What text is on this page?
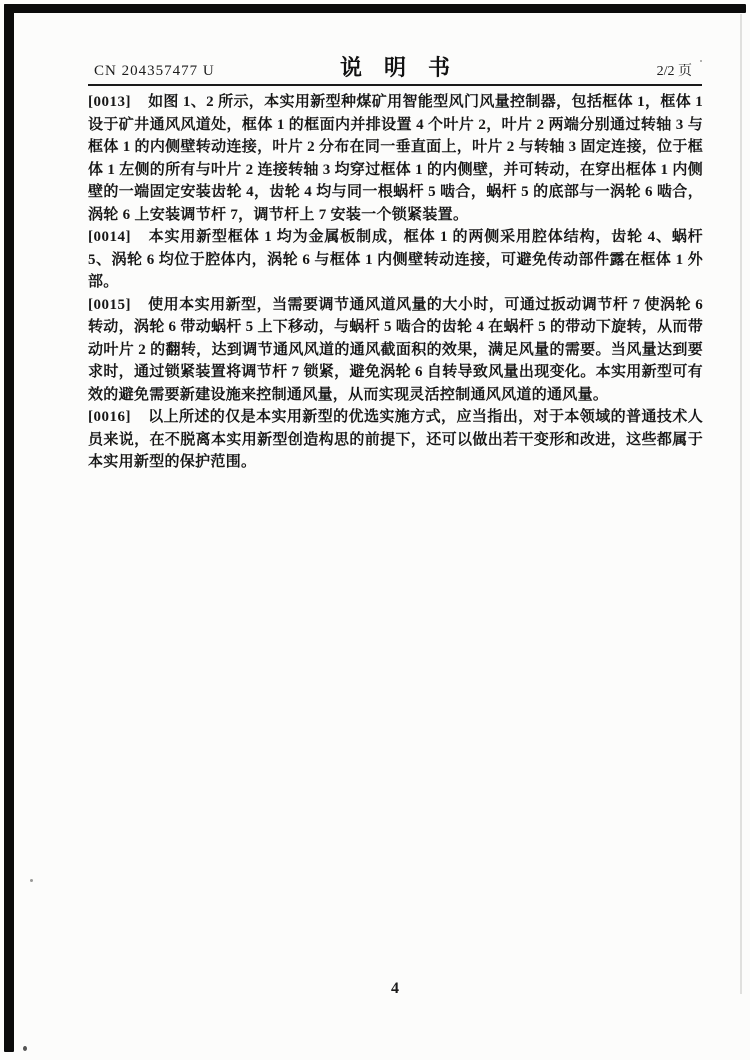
CN 204357477 U	说　明　书	2/2 页

[0013] 如图 1、2 所示，本实用新型种煤矿用智能型风门风量控制器，包括框体 1，框体 1 设于矿井通风风道处，框体 1 的框面内并排设置 4 个叶片 2，叶片 2 两端分别通过转轴 3 与框体 1 的内侧壁转动连接，叶片 2 分布在同一垂直面上，叶片 2 与转轴 3 固定连接，位于框体 1 左侧的所有与叶片 2 连接转轴 3 均穿过框体 1 的内侧壁，并可转动，在穿出框体 1 内侧壁的一端固定安装齿轮 4，齿轮 4 均与同一根蜗杆 5 啮合，蜗杆 5 的底部与一涡轮 6 啮合，涡轮 6 上安装调节杆 7，调节杆上 7 安装一个锁紧装置。

[0014] 本实用新型框体 1 均为金属板制成，框体 1 的两侧采用腔体结构，齿轮 4、蜗杆 5、涡轮 6 均位于腔体内，涡轮 6 与框体 1 内侧壁转动连接，可避免传动部件露在框体 1 外部。

[0015] 使用本实用新型，当需要调节通风道风量的大小时，可通过扳动调节杆 7 使涡轮 6 转动，涡轮 6 带动蜗杆 5 上下移动，与蜗杆 5 啮合的齿轮 4 在蜗杆 5 的带动下旋转，从而带动叶片 2 的翻转，达到调节通风风道的通风截面积的效果，满足风量的需要。当风量达到要求时，通过锁紧装置将调节杆 7 锁紧，避免涡轮 6 自转导致风量出现变化。本实用新型可有效的避免需要新建设施来控制通风量，从而实现灵活控制通风风道的通风量。

[0016] 以上所述的仅是本实用新型的优选实施方式，应当指出，对于本领域的普通技术人员来说，在不脱离本实用新型创造构思的前提下，还可以做出若干变形和改进，这些都属于本实用新型的保护范围。

4
